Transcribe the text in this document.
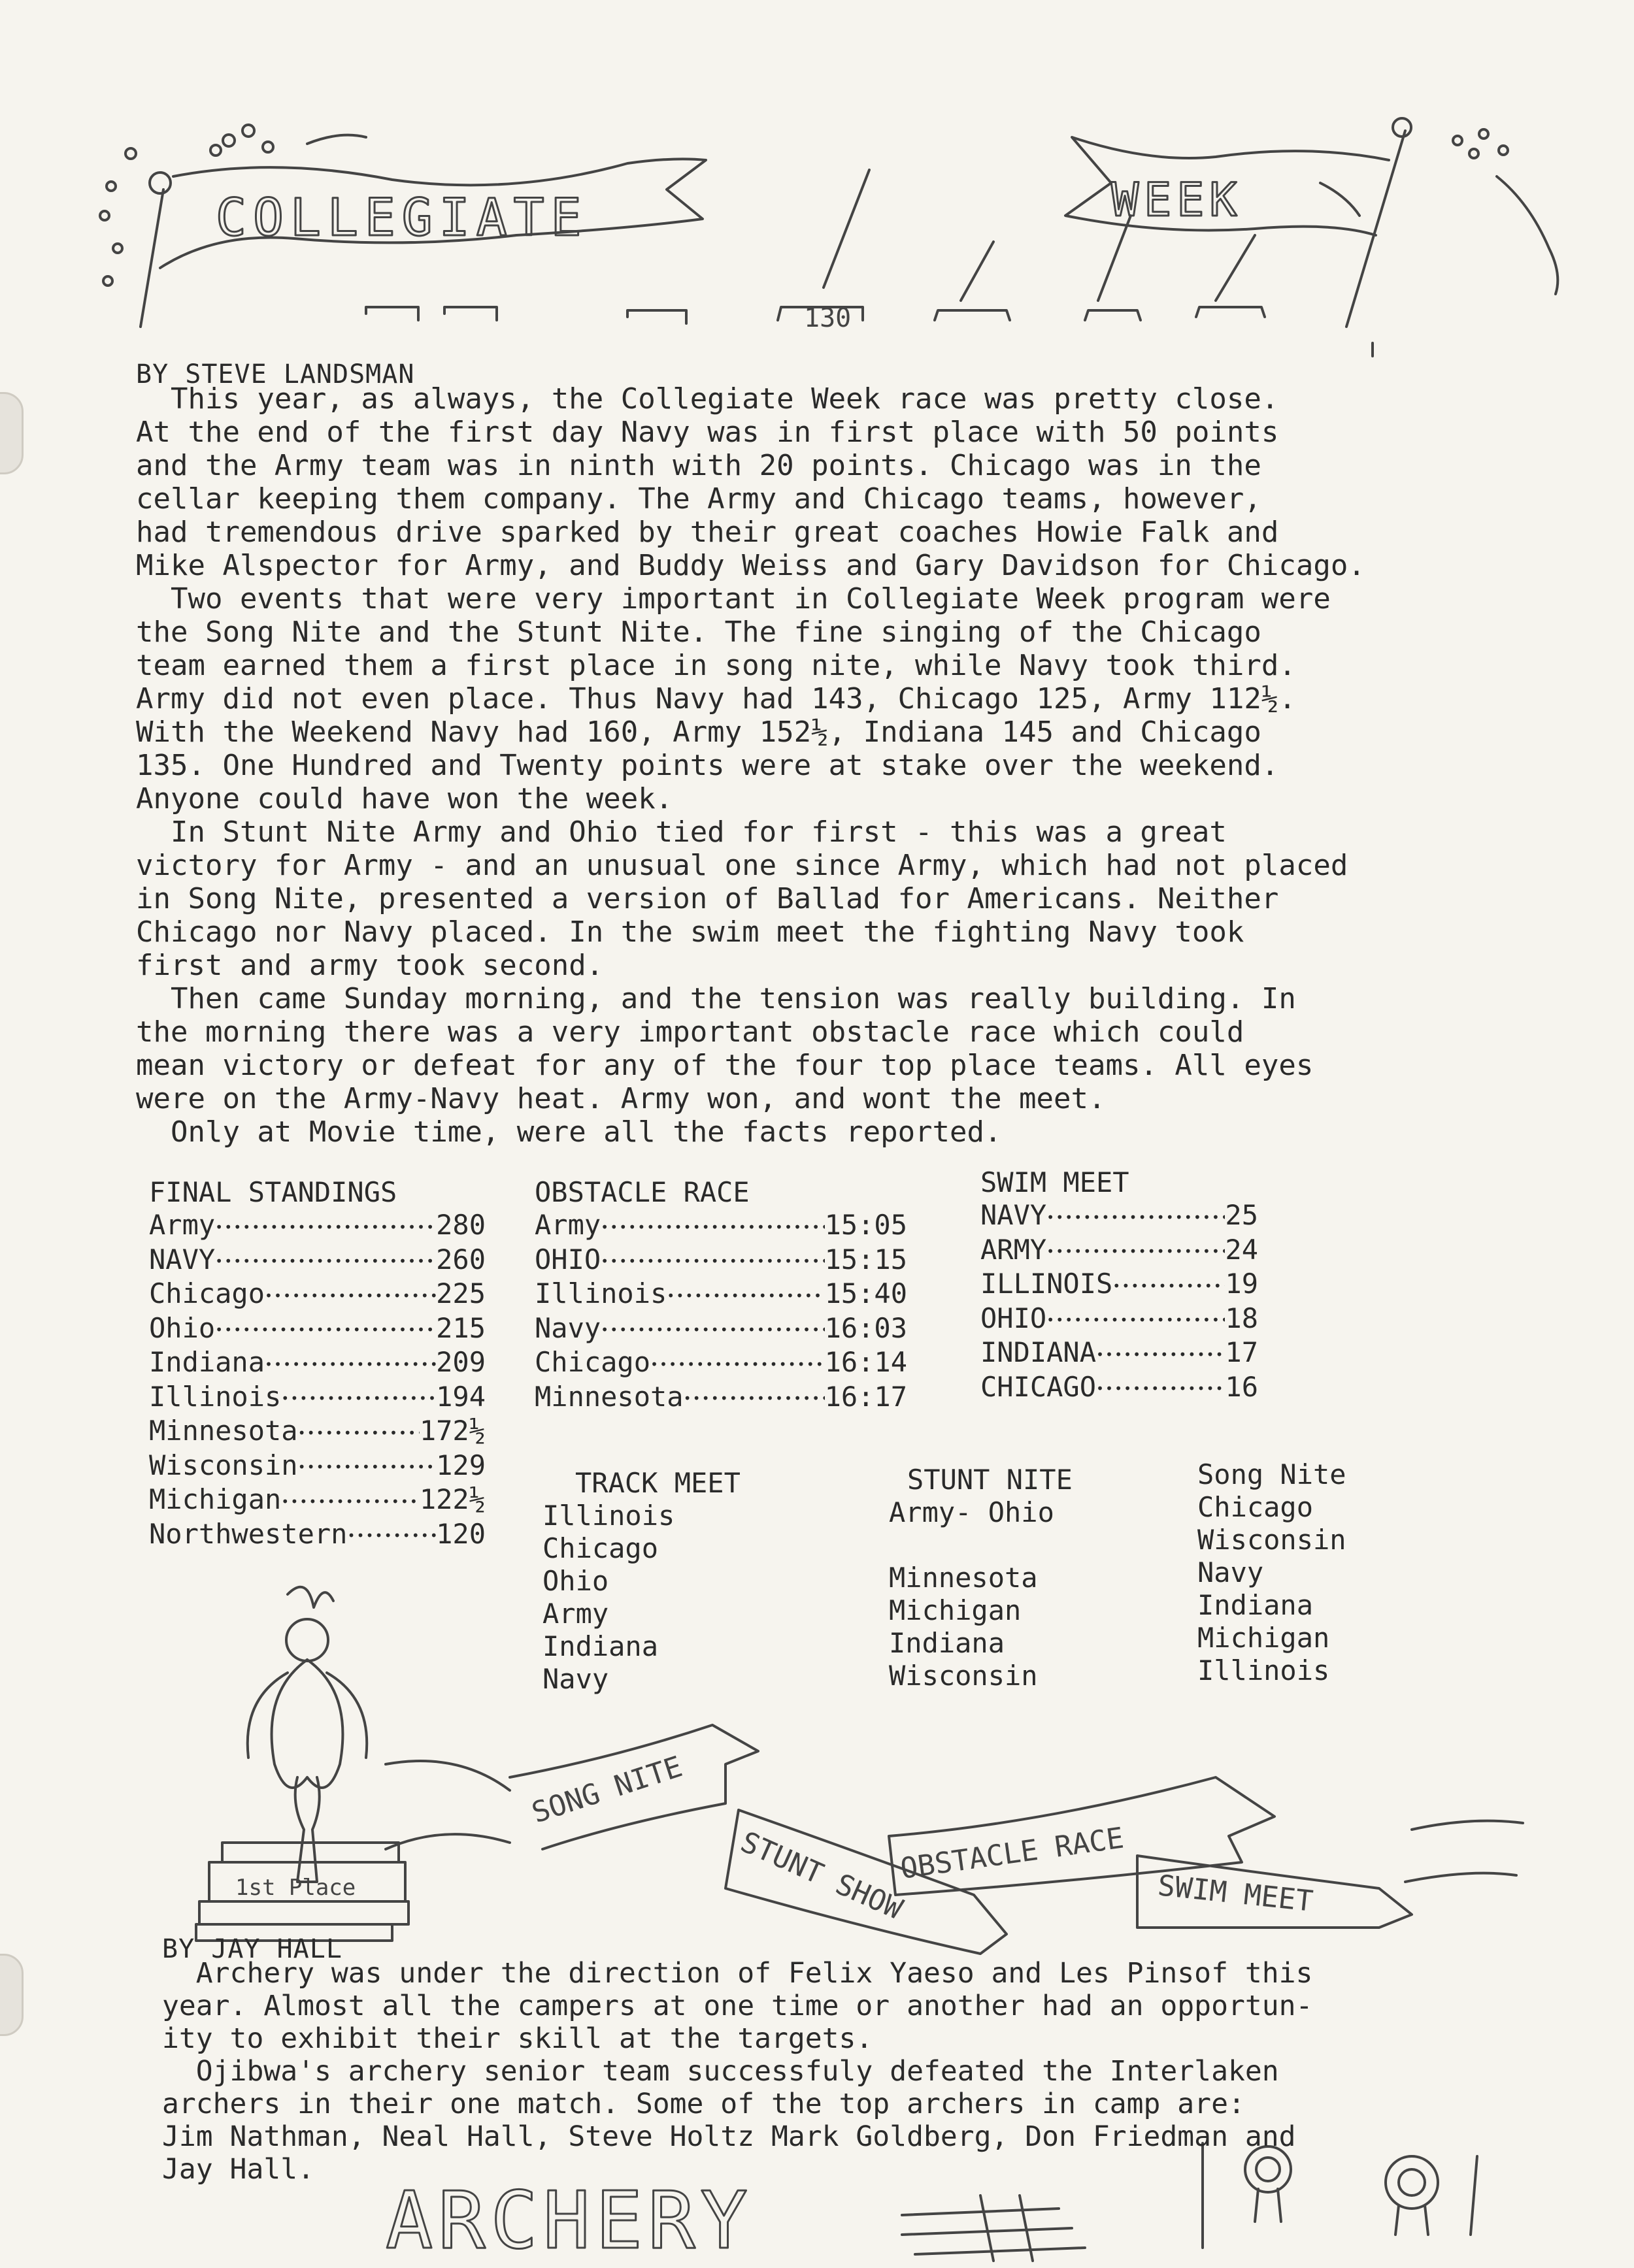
COLLEGIATE	WEEK
130
1st Place
SONG NITE
STUNT SHOW
OBSTACLE RACE
SWIM MEET
ARCHERY
BY STEVE LANDSMAN
This year, as always, the Collegiate Week race was pretty close.
At the end of the first day Navy was in first place with 50 points
and the Army team was in ninth with 20 points. Chicago was in the
cellar keeping them company. The Army and Chicago teams, however,
had tremendous drive sparked by their great coaches Howie Falk and
Mike Alspector for Army, and Buddy Weiss and Gary Davidson for Chicago.
Two events that were very important in Collegiate Week program were
the Song Nite and the Stunt Nite. The fine singing of the Chicago
team earned them a first place in song nite, while Navy took third.
Army did not even place. Thus Navy had 143, Chicago 125, Army 112½.
With the Weekend Navy had 160, Army 152½, Indiana 145 and Chicago
135. One Hundred and Twenty points were at stake over the weekend.
Anyone could have won the week.
In Stunt Nite Army and Ohio tied for first - this was a great
victory for Army - and an unusual one since Army, which had not placed
in Song Nite, presented a version of Ballad for Americans. Neither
Chicago nor Navy placed. In the swim meet the fighting Navy took
first and army took second.
Then came Sunday morning, and the tension was really building. In
the morning there was a very important obstacle race which could
mean victory or defeat for any of the four top place teams. All eyes
were on the Army-Navy heat. Army won, and wont the meet.
Only at Movie time, were all the facts reported.
FINAL STANDINGS
Army •••••	280
NAVY •••••	260
Chicago •••••	225
Ohio •••••	215
Indiana •••••	209
Illinois •••••	194
Minnesota •••••	172½
Wisconsin •••••	129
Michigan •••••	122½
Northwestern •••••	120
OBSTACLE RACE
Army •••••	15:05
OHIO •••••	15:15
Illinois •••••	15:40
Navy •••••	16:03
Chicago •••••	16:14
Minnesota •••••	16:17
SWIM MEET
NAVY •••••	25
ARMY •••••	24
ILLINOIS •••••	19
OHIO •••••	18
INDIANA •••••	17
CHICAGO •••••	16
TRACK MEET
Illinois
Chicago
Ohio
Army
Indiana
Navy
STUNT NITE
Army- Ohio
Minnesota
Michigan
Indiana
Wisconsin
Song Nite
Chicago
Wisconsin
Navy
Indiana
Michigan
Illinois
BY JAY HALL
Archery was under the direction of Felix Yaeso and Les Pinsof this
year. Almost all the campers at one time or another had an opportun-
ity to exhibit their skill at the targets.
Ojibwa's archery senior team successfuly defeated the Interlaken
archers in their one match. Some of the top archers in camp are:
Jim Nathman, Neal Hall, Steve Holtz Mark Goldberg, Don Friedman and
Jay Hall.
